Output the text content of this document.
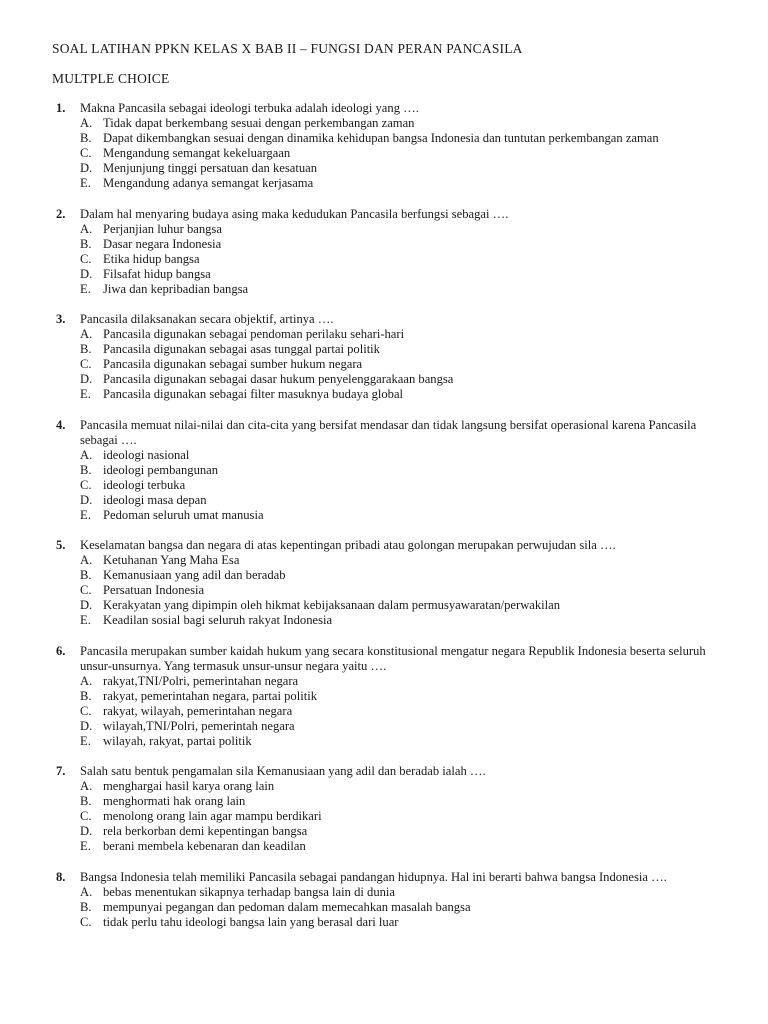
SOAL LATIHAN PPKN KELAS X BAB II – FUNGSI DAN PERAN PANCASILA
MULTPLE CHOICE
1.	Makna Pancasila sebagai ideologi terbuka adalah ideologi yang ….
A. Tidak dapat berkembang sesuai dengan perkembangan zaman
B. Dapat dikembangkan sesuai dengan dinamika kehidupan bangsa Indonesia dan tuntutan perkembangan zaman
C. Mengandung semangat kekeluargaan
D. Menjunjung tinggi persatuan dan kesatuan
E. Mengandung adanya semangat kerjasama
2.	Dalam hal menyaring budaya asing maka kedudukan Pancasila berfungsi sebagai ….
A. Perjanjian luhur bangsa
B. Dasar negara Indonesia
C. Etika hidup bangsa
D. Filsafat hidup bangsa
E. Jiwa dan kepribadian bangsa
3.	Pancasila dilaksanakan secara objektif, artinya ….
A. Pancasila digunakan sebagai pendoman perilaku sehari-hari
B. Pancasila digunakan sebagai asas tunggal partai politik
C. Pancasila digunakan sebagai sumber hukum negara
D. Pancasila digunakan sebagai dasar hukum penyelenggarakaan bangsa
E. Pancasila digunakan sebagai filter masuknya budaya global
4.	Pancasila memuat nilai-nilai dan cita-cita yang bersifat mendasar dan tidak langsung bersifat operasional karena Pancasila sebagai ….
A. ideologi nasional
B. ideologi pembangunan
C. ideologi terbuka
D. ideologi masa depan
E. Pedoman seluruh umat manusia
5.	Keselamatan bangsa dan negara di atas kepentingan pribadi atau golongan merupakan perwujudan sila ….
A. Ketuhanan Yang Maha Esa
B. Kemanusiaan yang adil dan beradab
C. Persatuan Indonesia
D. Kerakyatan yang dipimpin oleh hikmat kebijaksanaan dalam permusyawaratan/perwakilan
E. Keadilan sosial bagi seluruh rakyat Indonesia
6.	Pancasila merupakan sumber kaidah hukum yang secara konstitusional mengatur negara Republik Indonesia beserta seluruh unsur-unsurnya. Yang termasuk unsur-unsur negara yaitu ….
A. rakyat,TNI/Polri, pemerintahan negara
B. rakyat, pemerintahan negara, partai politik
C. rakyat, wilayah, pemerintahan negara
D. wilayah,TNI/Polri, pemerintah negara
E. wilayah, rakyat, partai politik
7.	Salah satu bentuk pengamalan sila Kemanusiaan yang adil dan beradab ialah ….
A. menghargai hasil karya orang lain
B. menghormati hak orang lain
C. menolong orang lain agar mampu berdikari
D. rela berkorban demi kepentingan bangsa
E. berani membela kebenaran dan keadilan
8.	Bangsa Indonesia telah memiliki Pancasila sebagai pandangan hidupnya. Hal ini berarti bahwa bangsa Indonesia ….
A. bebas menentukan sikapnya terhadap bangsa lain di dunia
B. mempunyai pegangan dan pedoman dalam memecahkan masalah bangsa
C. tidak perlu tahu ideologi bangsa lain yang berasal dari luar
